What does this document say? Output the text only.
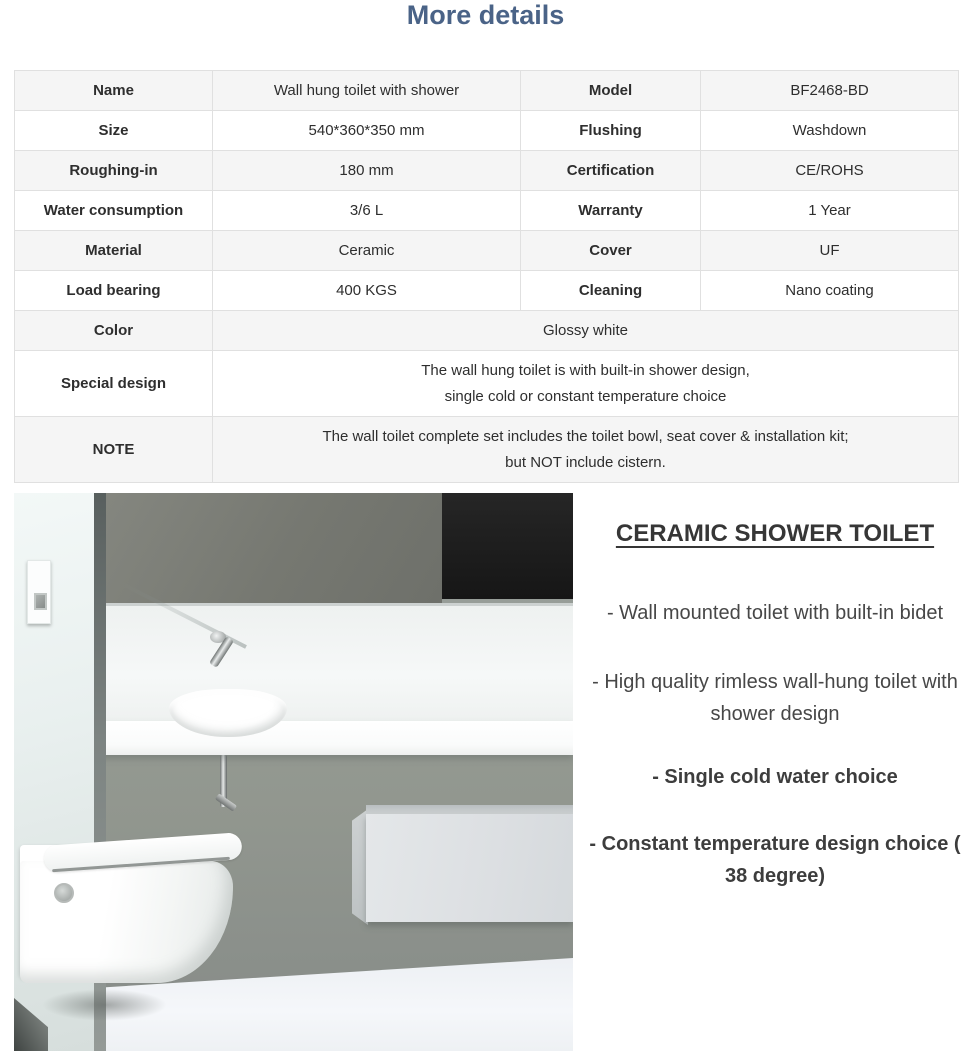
More details
Name	Wall hung toilet with shower	Model	BF2468-BD
Size	540*360*350 mm	Flushing	Washdown
Roughing-in	180 mm	Certification	CE/ROHS
Water consumption	3/6 L	Warranty	1 Year
Material	Ceramic	Cover	UF
Load bearing	400 KGS	Cleaning	Nano coating
Color	Glossy white		
Special design	The wall hung toilet is with built-in shower design,
single cold or constant temperature choice		

NOTE	The wall toilet complete set includes the toilet bowl, seat cover & installation kit;
but NOT include cistern.		
CERAMIC SHOWER TOILET

- Wall mounted toilet with built-in bidet

- High quality rimless wall-hung toilet with shower design

- Single cold water choice

- Constant temperature design choice ( 38 degree)
